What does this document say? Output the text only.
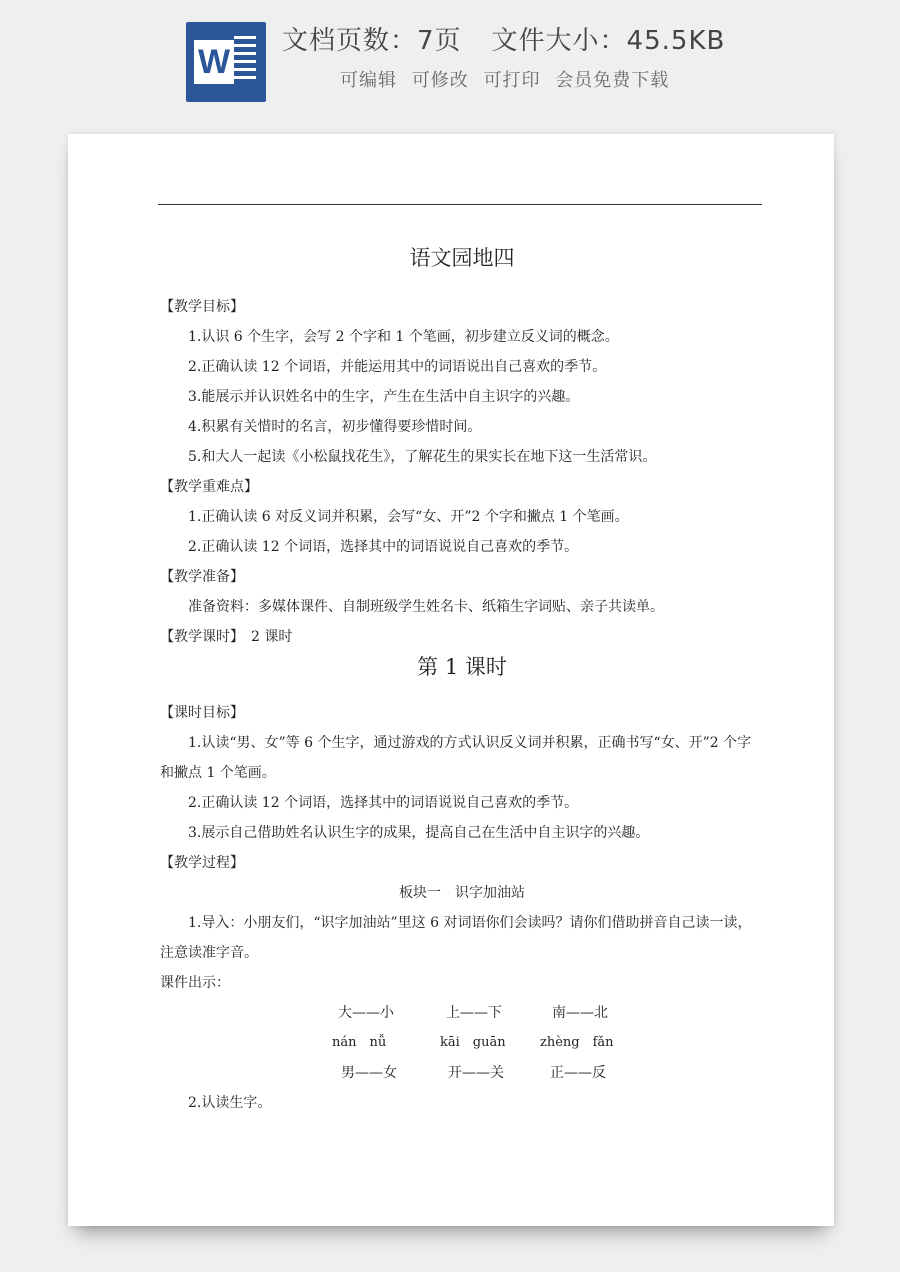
W
文档页数：7页 文件大小：45.5KB
可编辑 可修改 可打印 会员免费下载
语文园地四
【教学目标】
1.认识 6 个生字，会写 2 个字和 1 个笔画，初步建立反义词的概念。
2.正确认读 12 个词语，并能运用其中的词语说出自己喜欢的季节。
3.能展示并认识姓名中的生字，产生在生活中自主识字的兴趣。
4.积累有关惜时的名言，初步懂得要珍惜时间。
5.和大人一起读《小松鼠找花生》，了解花生的果实长在地下这一生活常识。
【教学重难点】
1.正确认读 6 对反义词并积累，会写“女、开”2 个字和撇点 1 个笔画。
2.正确认读 12 个词语，选择其中的词语说说自己喜欢的季节。
【教学准备】
准备资料：多媒体课件、自制班级学生姓名卡、纸箱生字词贴、亲子共读单。
【教学课时】　 2 课时
第 1 课时
【课时目标】
1.认读“男、女”等 6 个生字，通过游戏的方式认识反义词并积累，正确书写“女、开”2 个字和撇点 1 个笔画。
2.正确认读 12 个词语，选择其中的词语说说自己喜欢的季节。
3.展示自己借助姓名认识生字的成果，提高自己在生活中自主识字的兴趣。
【教学过程】
板块一　识字加油站
1.导入：小朋友们，“识字加油站”里这 6 对词语你们会读吗？请你们借助拼音自己读一读，注意读准字音。
课件出示：
大——小	上——下	南——北
nán　nǚ	kāi　guān	zhèng　fǎn
男——女	开——关	正——反
2.认读生字。
